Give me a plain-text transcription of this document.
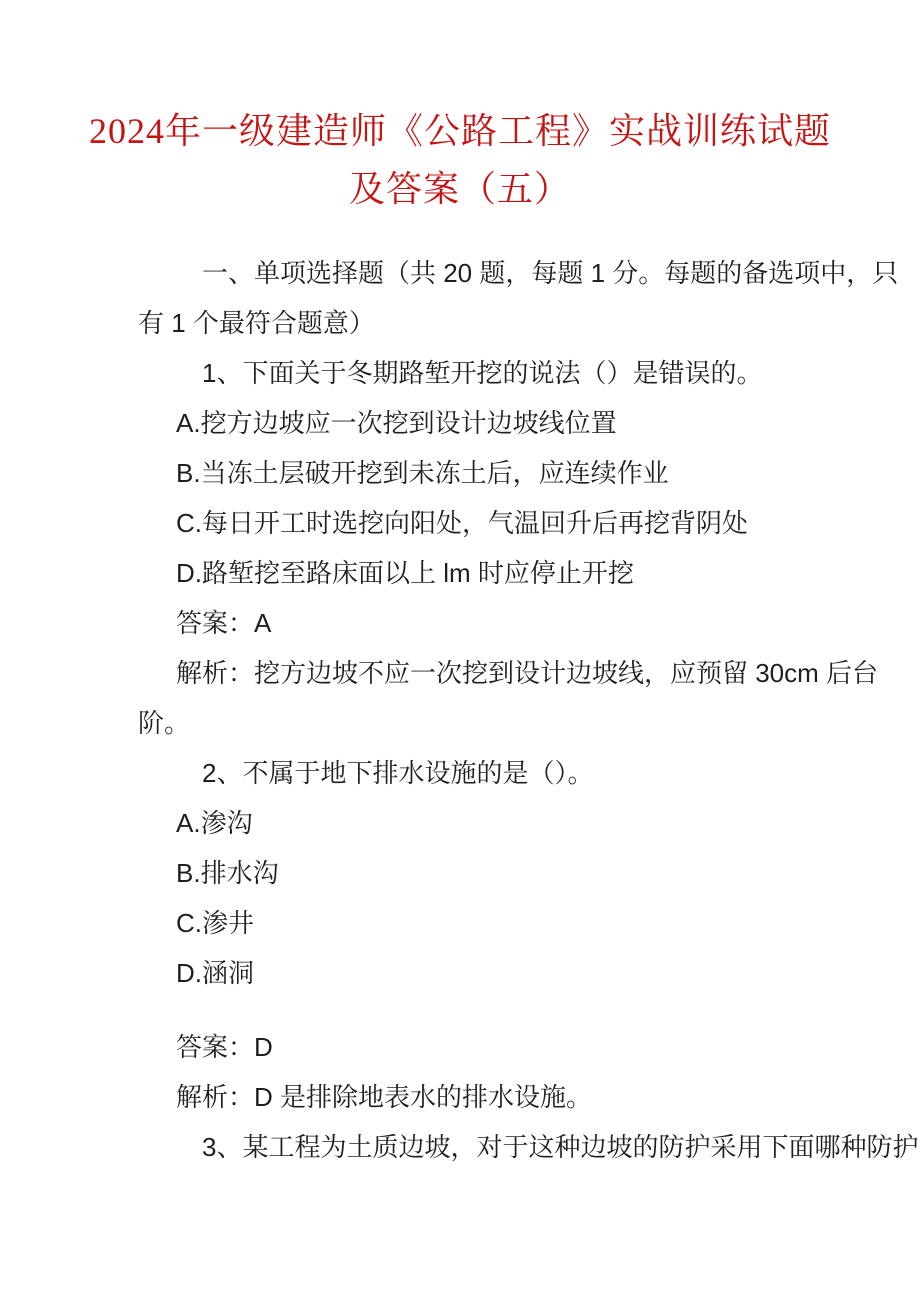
2024年一级建造师《公路工程》实战训练试题
及答案（五）
一、单项选择题（共 20 题，每题 1 分。每题的备选项中，只
有 1 个最符合题意）
1、下面关于冬期路堑开挖的说法（）是错误的。
A.挖方边坡应一次挖到设计边坡线位置
B.当冻土层破开挖到未冻土后，应连续作业
C.每日开工时选挖向阳处，气温回升后再挖背阴处
D.路堑挖至路床面以上 lm 时应停止开挖
答案：A
解析：挖方边坡不应一次挖到设计边坡线，应预留 30cm 后台
阶。
2、不属于地下排水设施的是（）。
A.渗沟
B.排水沟
C.渗井
D.涵洞
答案：D
解析：D 是排除地表水的排水设施。
3、某工程为土质边坡，对于这种边坡的防护采用下面哪种防护
